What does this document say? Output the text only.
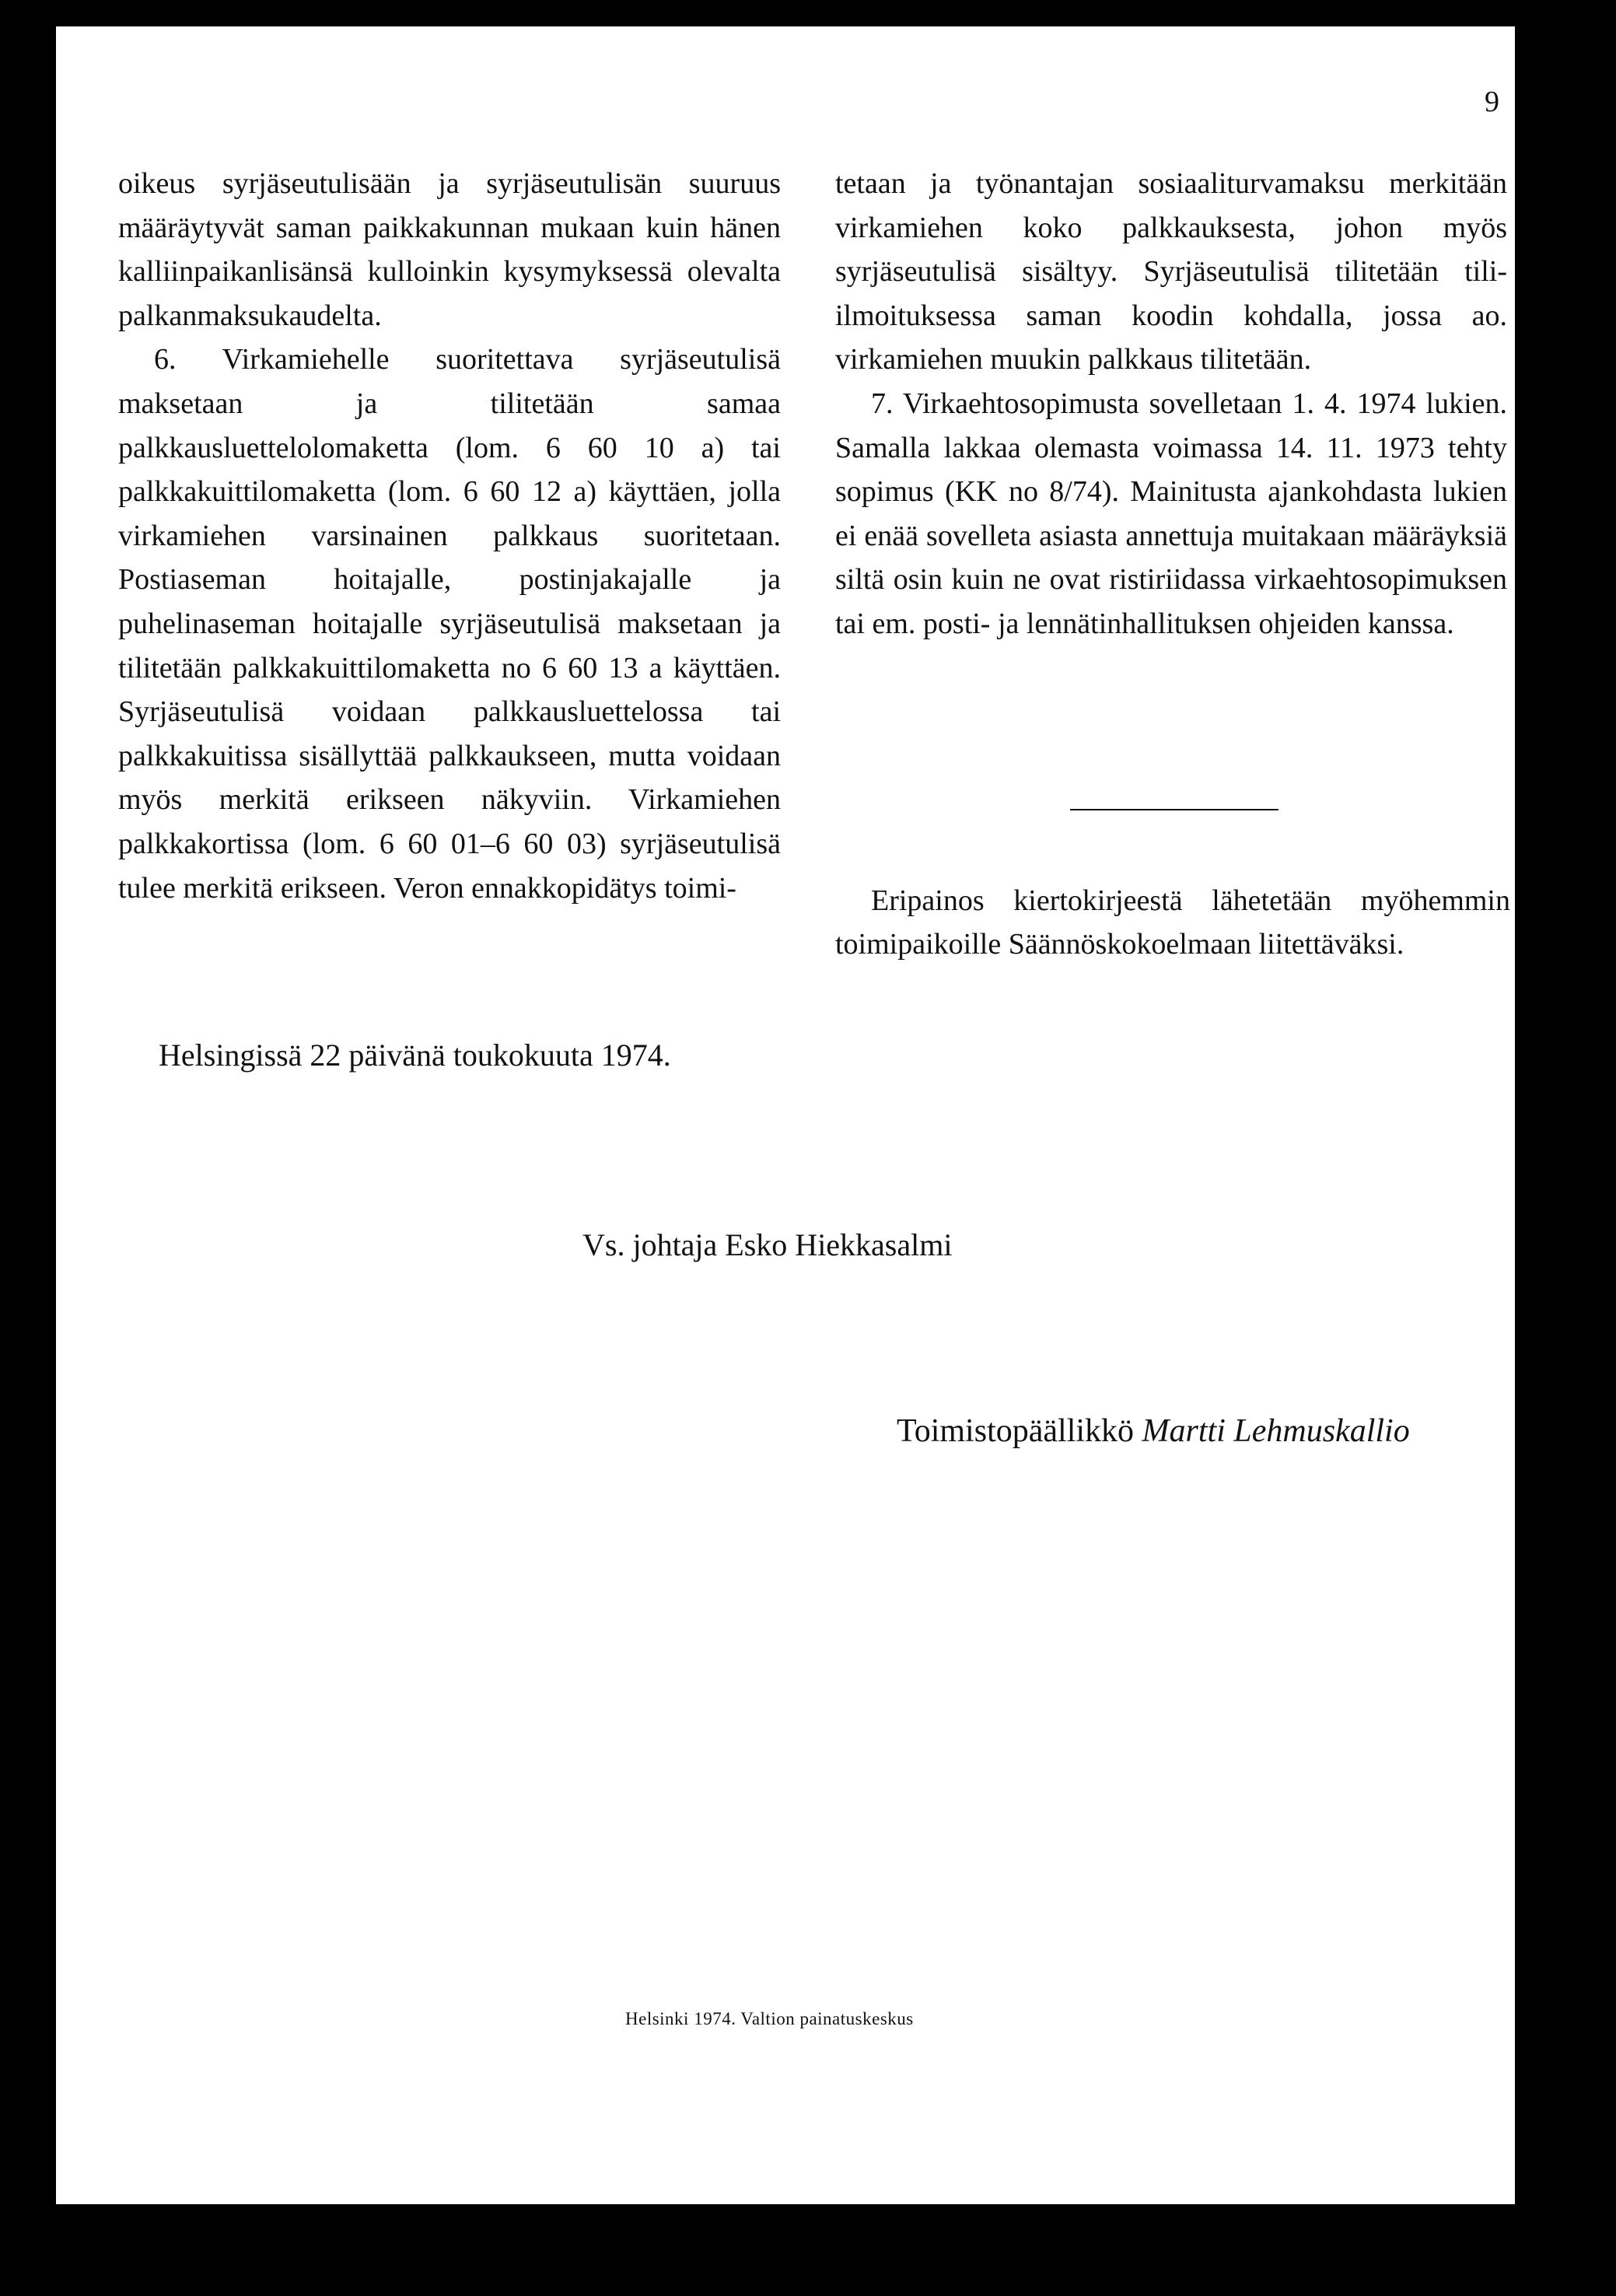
9

oikeus syrjäseutulisään ja syrjäseutulisän suuruus määräytyvät saman paikkakunnan mukaan kuin hänen kalliinpaikanlisänsä kulloinkin kysymyksessä olevalta palkanmaksukaudelta.

6. Virkamiehelle suoritettava syrjäseutulisä maksetaan ja tilitetään samaa palkkausluettelolomaketta (lom. 6 60 10 a) tai palkkakuittilomaketta (lom. 6 60 12 a) käyttäen, jolla virkamiehen varsinainen palkkaus suoritetaan. Postiaseman hoitajalle, postinjakajalle ja puhelinaseman hoitajalle syrjäseutulisä maksetaan ja tilitetään palkkakuittilomaketta no 6 60 13 a käyttäen. Syrjäseutulisä voidaan palkkausluettelossa tai palkkakuitissa sisällyttää palkkaukseen, mutta voidaan myös merkitä erikseen näkyviin. Virkamiehen palkkakortissa (lom. 6 60 01–6 60 03) syrjäseutulisä tulee merkitä erikseen. Veron ennakkopidätys toimi-

tetaan ja työnantajan sosiaaliturvamaksu merkitään virkamiehen koko palkkauksesta, johon myös syrjäseutulisä sisältyy. Syrjäseutulisä tilitetään tili-ilmoituksessa saman koodin kohdalla, jossa ao. virkamiehen muukin palkkaus tilitetään.

7. Virkaehtosopimusta sovelletaan 1. 4. 1974 lukien. Samalla lakkaa olemasta voimassa 14. 11. 1973 tehty sopimus (KK no 8/74). Mainitusta ajankohdasta lukien ei enää sovelleta asiasta annettuja muitakaan määräyksiä siltä osin kuin ne ovat ristiriidassa virkaehtosopimuksen tai em. posti- ja lennätinhallituksen ohjeiden kanssa.

Eripainos kiertokirjeestä lähetetään myöhemmin toimipaikoille Säännöskokoelmaan liitettäväksi.

Helsingissä 22 päivänä toukokuuta 1974.
Vs. johtaja Esko Hiekkasalmi
Toimistopäällikkö Martti Lehmuskallio
Helsinki 1974. Valtion painatuskeskus
